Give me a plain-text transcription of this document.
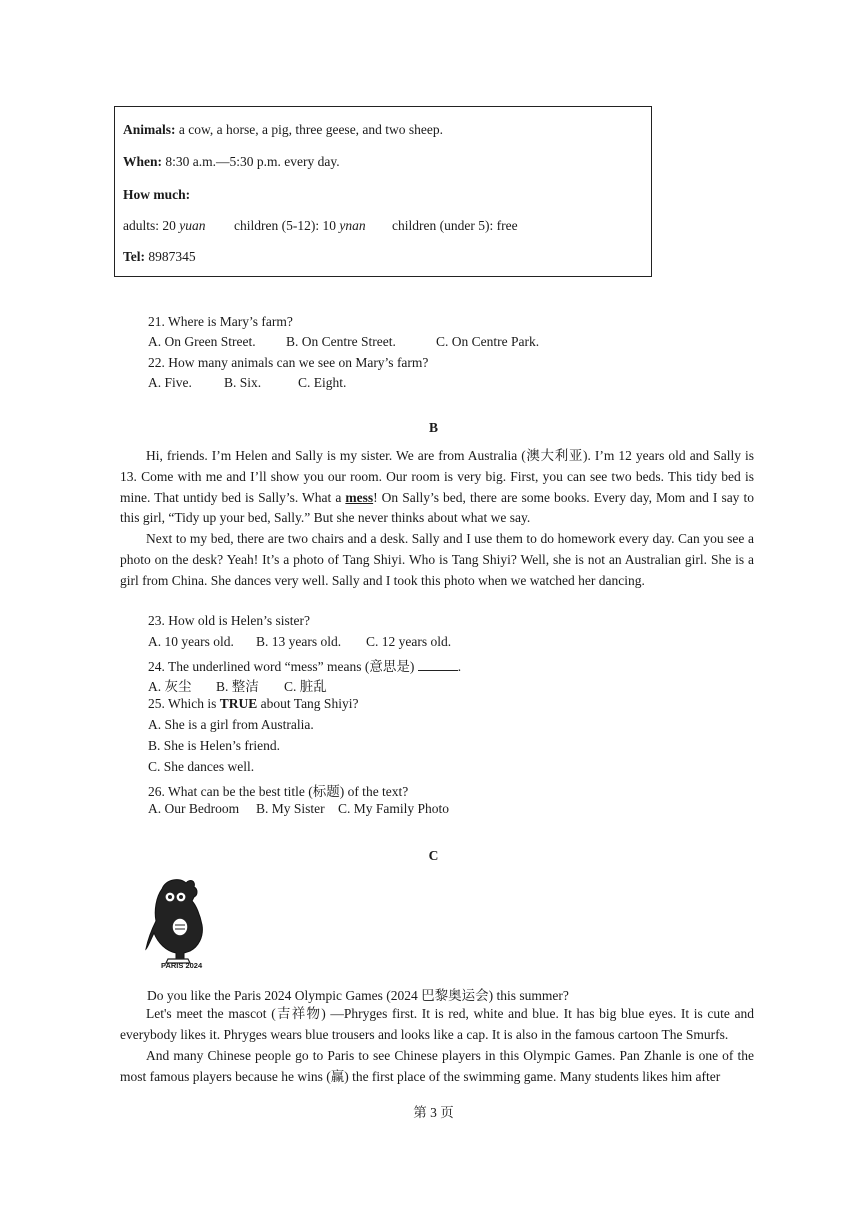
Animals: a cow, a horse, a pig, three geese, and two sheep.
When: 8:30 a.m.—5:30 p.m. every day.
How much:
adults: 20 yuan children (5-12): 10 ynan children (under 5): free
Tel: 8987345
21. Where is Mary’s farm?
A. On Green Street. B. On Centre Street.	C. On Centre Park.
22. How many animals can we see on Mary’s farm?
A. Five. B. Six.	C. Eight.
B
Hi, friends. I’m Helen and Sally is my sister. We are from Australia (澳大利亚). I’m 12 years old and Sally is 13. Come with me and I’ll show you our room. Our room is very big. First, you can see two beds. This tidy bed is mine. That untidy bed is Sally’s. What a mess! On Sally’s bed, there are some books. Every day, Mom and I say to this girl, “Tidy up your bed, Sally.” But she never thinks about what we say.
Next to my bed, there are two chairs and a desk. Sally and I use them to do homework every day. Can you see a photo on the desk? Yeah! It’s a photo of Tang Shiyi. Who is Tang Shiyi? Well, she is not an Australian girl. She is a girl from China. She dances very well. Sally and I took this photo when we watched her dancing.
23. How old is Helen’s sister?
A. 10 years old. B. 13 years old. C. 12 years old.
24. The underlined word “mess” means (意思是)	.
A. 灰尘 B. 整洁 C. 脏乱
25. Which is TRUE about Tang Shiyi?
A. She is a girl from Australia.
B. She is Helen’s friend.
C. She dances well.
26. What can be the best title (标题) of the text?
A. Our Bedroom B. My Sister C. My Family Photo
C
PARIS 2024
Do you like the Paris 2024 Olympic Games (2024 巴黎奥运会) this summer?
Let's meet the mascot (吉祥物) —Phryges first. It is red, white and blue. It has big blue eyes. It is cute and everybody likes it. Phryges wears blue trousers and looks like a cap. It is also in the famous cartoon The Smurfs.
And many Chinese people go to Paris to see Chinese players in this Olympic Games. Pan Zhanle is one of the most famous players because he wins (赢) the first place of the swimming game. Many students likes him after
第 3 页
